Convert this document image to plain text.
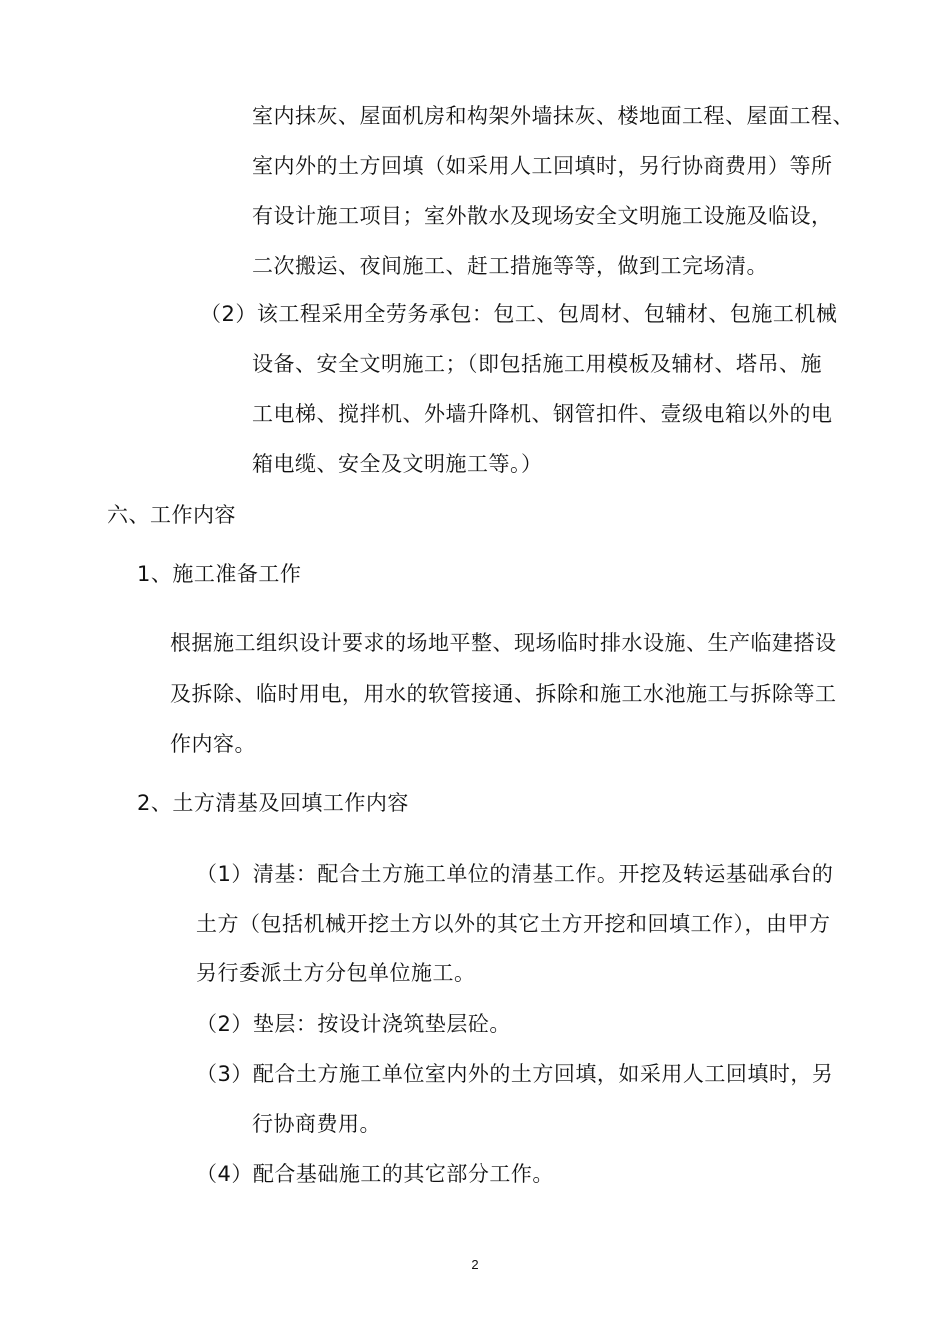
室内抹灰、屋面机房和构架外墙抹灰、楼地面工程、屋面工程、
室内外的土方回填（如采用人工回填时，另行协商费用）等所
有设计施工项目；室外散水及现场安全文明施工设施及临设，
二次搬运、夜间施工、赶工措施等等，做到工完场清。
（2）该工程采用全劳务承包：包工、包周材、包辅材、包施工机械
设备、安全文明施工；（即包括施工用模板及辅材、塔吊、施
工电梯、搅拌机、外墙升降机、钢管扣件、壹级电箱以外的电
箱电缆、安全及文明施工等。）
六、工作内容
1、施工准备工作
根据施工组织设计要求的场地平整、现场临时排水设施、生产临建搭设
及拆除、临时用电，用水的软管接通、拆除和施工水池施工与拆除等工
作内容。
2、土方清基及回填工作内容
（1）清基：配合土方施工单位的清基工作。开挖及转运基础承台的
土方（包括机械开挖土方以外的其它土方开挖和回填工作），由甲方
另行委派土方分包单位施工。
（2）垫层：按设计浇筑垫层砼。
（3）配合土方施工单位室内外的土方回填，如采用人工回填时，另
行协商费用。
（4）配合基础施工的其它部分工作。
2
